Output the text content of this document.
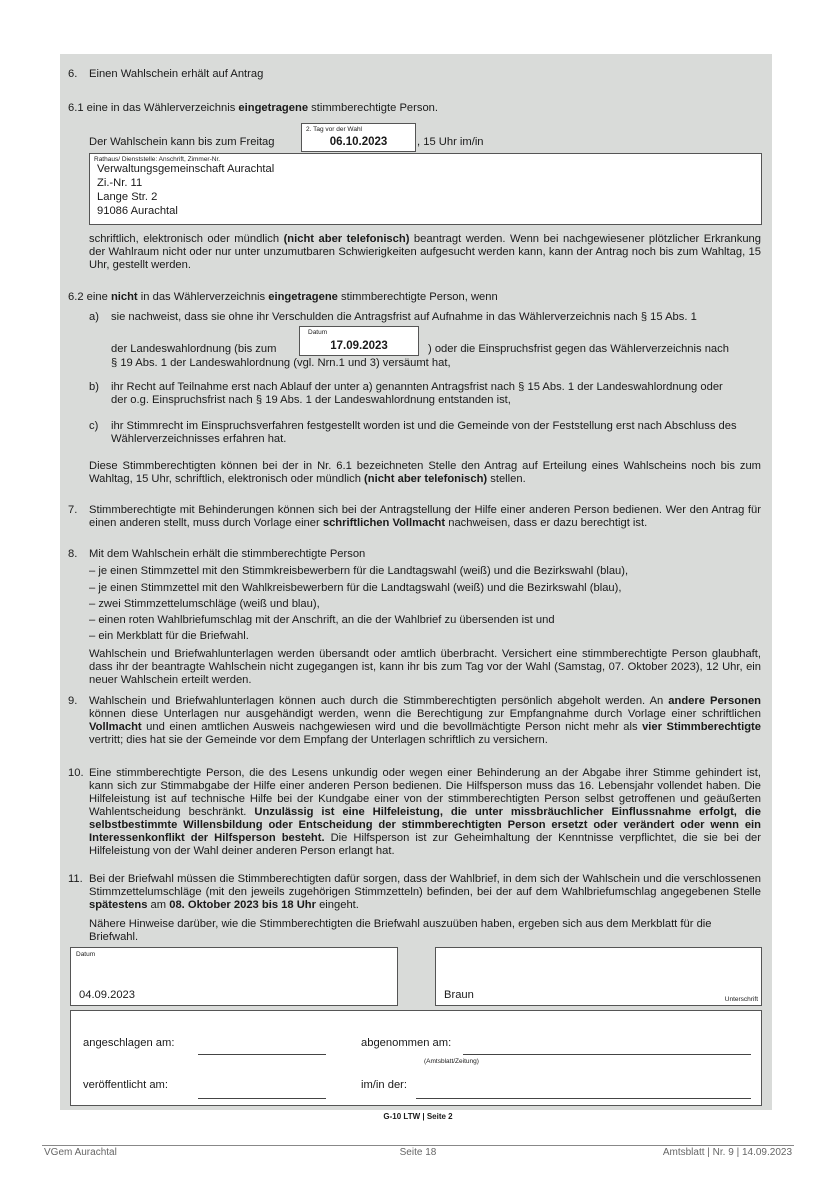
6. Einen Wahlschein erhält auf Antrag
6.1 eine in das Wählerverzeichnis eingetragene stimmberechtigte Person.
Der Wahlschein kann bis zum Freitag
2. Tag vor der Wahl
06.10.2023	, 15 Uhr im/in
Rathaus/ Dienststelle: Anschrift, Zimmer-Nr.
Verwaltungsgemeinschaft Aurachtal
Zi.-Nr. 11
Lange Str. 2
91086 Aurachtal
schriftlich, elektronisch oder mündlich (nicht aber telefonisch) beantragt werden. Wenn bei nachgewiesener plötzlicher Erkrankung der Wahlraum nicht oder nur unter unzumutbaren Schwierigkeiten aufgesucht werden kann, kann der Antrag noch bis zum Wahltag, 15 Uhr, gestellt werden.
6.2 eine nicht in das Wählerverzeichnis eingetragene stimmberechtigte Person, wenn
a) sie nachweist, dass sie ohne ihr Verschulden die Antragsfrist auf Aufnahme in das Wählerverzeichnis nach § 15 Abs. 1
der Landeswahlordnung (bis zum
Datum
17.09.2023	) oder die Einspruchsfrist gegen das Wählerverzeichnis nach
§ 19 Abs. 1 der Landeswahlordnung (vgl. Nrn.1 und 3) versäumt hat,
b) ihr Recht auf Teilnahme erst nach Ablauf der unter a) genannten Antragsfrist nach § 15 Abs. 1 der Landeswahlordnung oder der o.g. Einspruchsfrist nach § 19 Abs. 1 der Landeswahlordnung entstanden ist,
c) ihr Stimmrecht im Einspruchsverfahren festgestellt worden ist und die Gemeinde von der Feststellung erst nach Abschluss des Wählerverzeichnisses erfahren hat.
Diese Stimmberechtigten können bei der in Nr. 6.1 bezeichneten Stelle den Antrag auf Erteilung eines Wahlscheins noch bis zum Wahltag, 15 Uhr, schriftlich, elektronisch oder mündlich (nicht aber telefonisch) stellen.
7. Stimmberechtigte mit Behinderungen können sich bei der Antragstellung der Hilfe einer anderen Person bedienen. Wer den Antrag für einen anderen stellt, muss durch Vorlage einer schriftlichen Vollmacht nachweisen, dass er dazu berechtigt ist.
8. Mit dem Wahlschein erhält die stimmberechtigte Person
– je einen Stimmzettel mit den Stimmkreisbewerbern für die Landtagswahl (weiß) und die Bezirkswahl (blau),
– je einen Stimmzettel mit den Wahlkreisbewerbern für die Landtagswahl (weiß) und die Bezirkswahl (blau),
– zwei Stimmzettelumschläge (weiß und blau),
– einen roten Wahlbriefumschlag mit der Anschrift, an die der Wahlbrief zu übersenden ist und
– ein Merkblatt für die Briefwahl.
Wahlschein und Briefwahlunterlagen werden übersandt oder amtlich überbracht. Versichert eine stimmberechtigte Person glaubhaft, dass ihr der beantragte Wahlschein nicht zugegangen ist, kann ihr bis zum Tag vor der Wahl (Samstag, 07. Oktober 2023), 12 Uhr, ein neuer Wahlschein erteilt werden.
9. Wahlschein und Briefwahlunterlagen können auch durch die Stimmberechtigten persönlich abgeholt werden. An andere Personen können diese Unterlagen nur ausgehändigt werden, wenn die Berechtigung zur Empfangnahme durch Vorlage einer schriftlichen Vollmacht und einen amtlichen Ausweis nachgewiesen wird und die bevollmächtigte Person nicht mehr als vier Stimmberechtigte vertritt; dies hat sie der Gemeinde vor dem Empfang der Unterlagen schriftlich zu versichern.
10. Eine stimmberechtigte Person, die des Lesens unkundig oder wegen einer Behinderung an der Abgabe ihrer Stimme gehindert ist, kann sich zur Stimmabgabe der Hilfe einer anderen Person bedienen. Die Hilfsperson muss das 16. Lebensjahr vollendet haben. Die Hilfeleistung ist auf technische Hilfe bei der Kundgabe einer von der stimmberechtigten Person selbst getroffenen und geäußerten Wahlentscheidung beschränkt. Unzulässig ist eine Hilfeleistung, die unter missbräuchlicher Einflussnahme erfolgt, die selbstbestimmte Willensbildung oder Entscheidung der stimmberechtigten Person ersetzt oder verändert oder wenn ein Interessenkonflikt der Hilfsperson besteht. Die Hilfsperson ist zur Geheimhaltung der Kenntnisse verpflichtet, die sie bei der Hilfeleistung von der Wahl deiner anderen Person erlangt hat.
11. Bei der Briefwahl müssen die Stimmberechtigten dafür sorgen, dass der Wahlbrief, in dem sich der Wahlschein und die verschlossenen Stimmzettelumschläge (mit den jeweils zugehörigen Stimmzetteln) befinden, bei der auf dem Wahlbriefumschlag angegebenen Stelle spätestens am 08. Oktober 2023 bis 18 Uhr eingeht.
Nähere Hinweise darüber, wie die Stimmberechtigten die Briefwahl auszuüben haben, ergeben sich aus dem Merkblatt für die Briefwahl.
Datum
04.09.2023	Braun	Unterschrift
angeschlagen am:	abgenommen am:
(Amtsblatt/Zeitung)
veröffentlicht am:	im/in der:
G-10 LTW | Seite 2
VGem Aurachtal	Seite 18	Amtsblatt | Nr. 9 | 14.09.2023
